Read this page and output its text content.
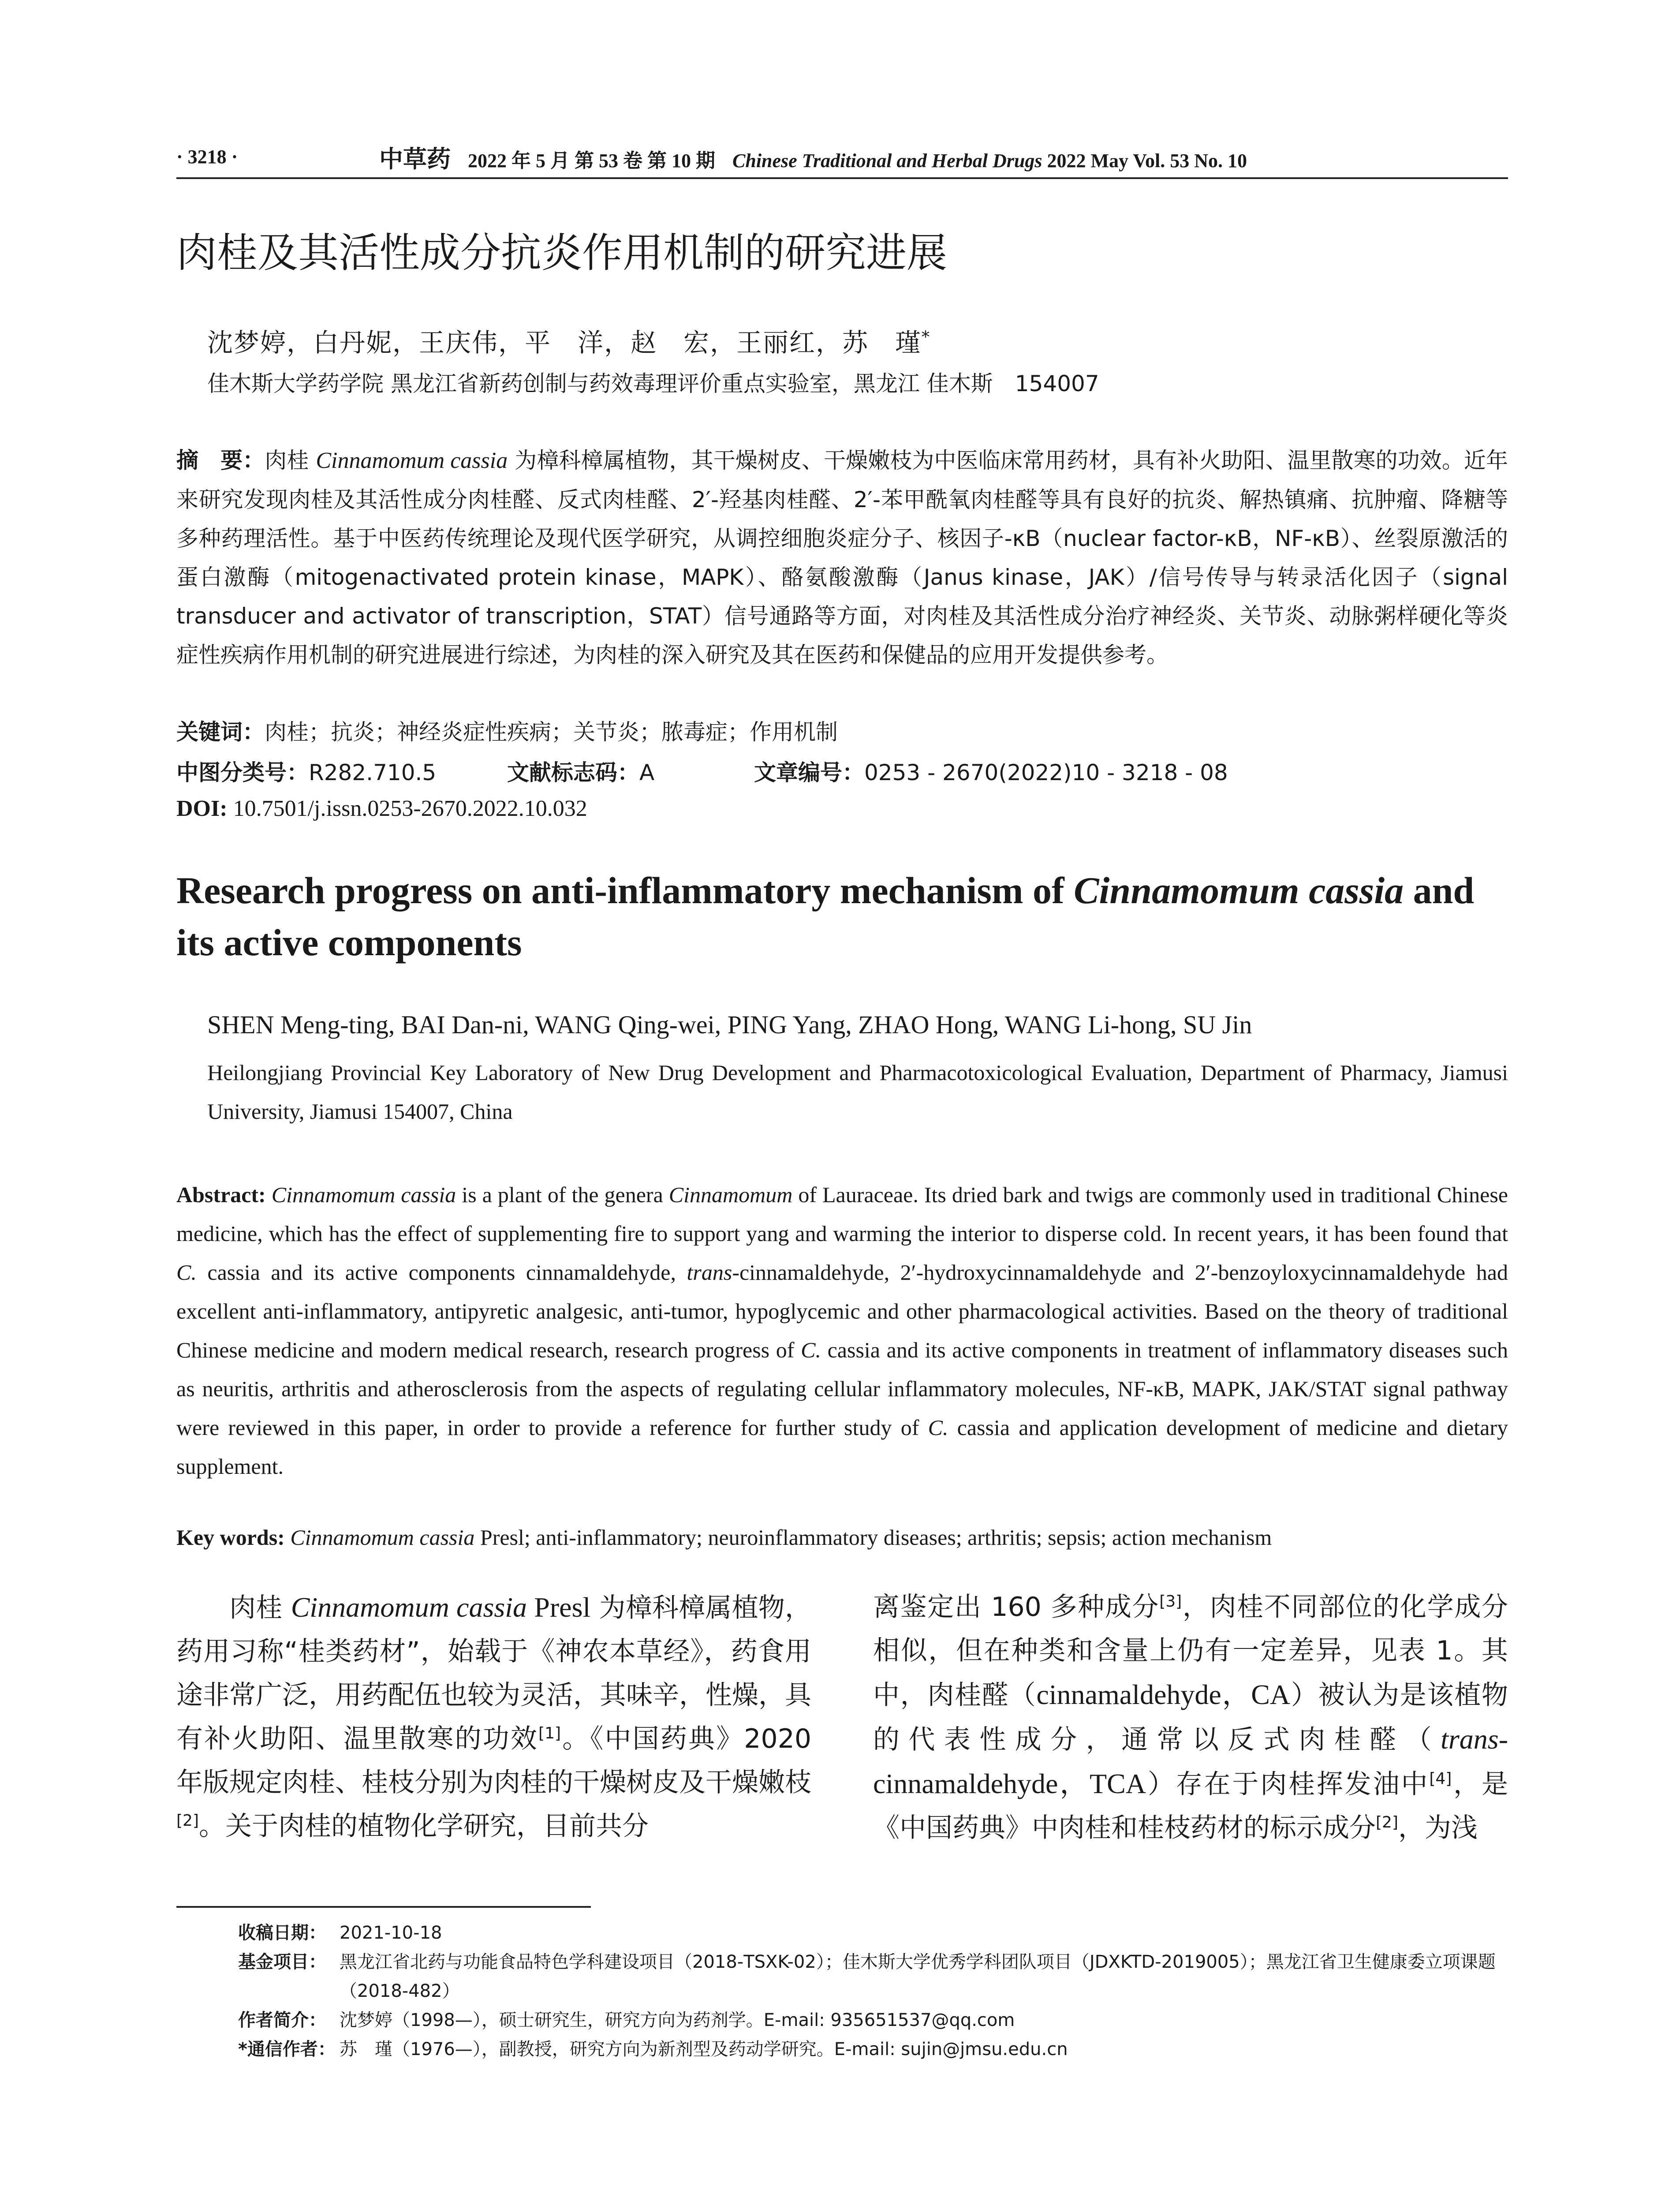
· 3218 ·	中草药 2022 年 5 月 第 53 卷 第 10 期 Chinese Traditional and Herbal Drugs 2022 May Vol. 53 No. 10
肉桂及其活性成分抗炎作用机制的研究进展
沈梦婷，白丹妮，王庆伟，平　洋，赵　宏，王丽红，苏　瑾*
佳木斯大学药学院 黑龙江省新药创制与药效毒理评价重点实验室，黑龙江 佳木斯　154007
摘　要：肉桂 Cinnamomum cassia 为樟科樟属植物，其干燥树皮、干燥嫩枝为中医临床常用药材，具有补火助阳、温里散寒的功效。近年来研究发现肉桂及其活性成分肉桂醛、反式肉桂醛、2′-羟基肉桂醛、2′-苯甲酰氧肉桂醛等具有良好的抗炎、解热镇痛、抗肿瘤、降糖等多种药理活性。基于中医药传统理论及现代医学研究，从调控细胞炎症分子、核因子-κB（nuclear factor-κB，NF-κB）、丝裂原激活的蛋白激酶（mitogenactivated protein kinase，MAPK）、酪氨酸激酶（Janus kinase，JAK）/信号传导与转录活化因子（signal transducer and activator of transcription，STAT）信号通路等方面，对肉桂及其活性成分治疗神经炎、关节炎、动脉粥样硬化等炎症性疾病作用机制的研究进展进行综述，为肉桂的深入研究及其在医药和保健品的应用开发提供参考。
关键词：肉桂；抗炎；神经炎症性疾病；关节炎；脓毒症；作用机制
中图分类号：R282.710.5	文献标志码：A	文章编号：0253 - 2670(2022)10 - 3218 - 08
DOI: 10.7501/j.issn.0253-2670.2022.10.032
Research progress on anti-inflammatory mechanism of Cinnamomum cassia and its active components
SHEN Meng-ting, BAI Dan-ni, WANG Qing-wei, PING Yang, ZHAO Hong, WANG Li-hong, SU Jin
Heilongjiang Provincial Key Laboratory of New Drug Development and Pharmacotoxicological Evaluation, Department of Pharmacy, Jiamusi University, Jiamusi 154007, China
Abstract: Cinnamomum cassia is a plant of the genera Cinnamomum of Lauraceae. Its dried bark and twigs are commonly used in traditional Chinese medicine, which has the effect of supplementing fire to support yang and warming the interior to disperse cold. In recent years, it has been found that C. cassia and its active components cinnamaldehyde, trans-cinnamaldehyde, 2′-hydroxycinnamaldehyde and 2′-benzoyloxycinnamaldehyde had excellent anti-inflammatory, antipyretic analgesic, anti-tumor, hypoglycemic and other pharmacological activities. Based on the theory of traditional Chinese medicine and modern medical research, research progress of C. cassia and its active components in treatment of inflammatory diseases such as neuritis, arthritis and atherosclerosis from the aspects of regulating cellular inflammatory molecules, NF-κB, MAPK, JAK/STAT signal pathway were reviewed in this paper, in order to provide a reference for further study of C. cassia and application development of medicine and dietary supplement.
Key words: Cinnamomum cassia Presl; anti-inflammatory; neuroinflammatory diseases; arthritis; sepsis; action mechanism
肉桂 Cinnamomum cassia Presl 为樟科樟属植物，药用习称“桂类药材”，始载于《神农本草经》，药食用途非常广泛，用药配伍也较为灵活，其味辛，性燥，具有补火助阳、温里散寒的功效[1]。《中国药典》2020 年版规定肉桂、桂枝分别为肉桂的干燥树皮及干燥嫩枝[2]。关于肉桂的植物化学研究，目前共分
离鉴定出 160 多种成分[3]，肉桂不同部位的化学成分相似，但在种类和含量上仍有一定差异，见表 1。其中，肉桂醛（cinnamaldehyde，CA）被认为是该植物的代表性成分，通常以反式肉桂醛（trans-cinnamaldehyde，TCA）存在于肉桂挥发油中[4]，是《中国药典》中肉桂和桂枝药材的标示成分[2]，为浅
收稿日期： 2021-10-18
基金项目： 黑龙江省北药与功能食品特色学科建设项目（2018-TSXK-02）；佳木斯大学优秀学科团队项目（JDXKTD-2019005）；黑龙江省卫生健康委立项课题（2018-482）
作者简介： 沈梦婷（1998—），硕士研究生，研究方向为药剂学。E-mail: 935651537@qq.com
*通信作者： 苏　瑾（1976—），副教授，研究方向为新剂型及药动学研究。E-mail: sujin@jmsu.edu.cn
